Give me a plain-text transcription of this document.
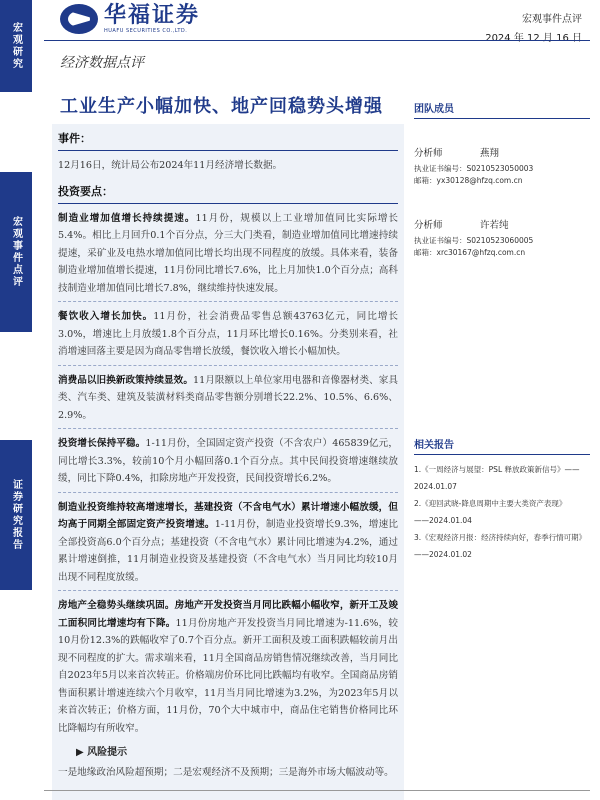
宏观研究
宏观事件点评
证券研究报告
华福证券
HUAFU SECURITIES CO.,LTD.
宏观事件点评
2024 年 12 月 16 日
经济数据点评
工业生产小幅加快、地产回稳势头增强
事件：

12月16日，统计局公布2024年11月经济增长数据。

投资要点：

制造业增加值增长持续提速。11月份，规模以上工业增加值同比实际增长5.4%。相比上月回升0.1个百分点，分三大门类看，制造业增加值同比增速持续提速，采矿业及电热水增加值同比增长均出现不同程度的放缓。具体来看，装备制造业增加值增长提速，11月份同比增长7.6%，比上月加快1.0个百分点；高科技制造业增加值同比增长7.8%，继续维持快速发展。

餐饮收入增长加快。11月份，社会消费品零售总额43763亿元，同比增长3.0%，增速比上月放缓1.8个百分点，11月环比增长0.16%。分类别来看，社消增速回落主要是因为商品零售增长放缓，餐饮收入增长小幅加快。

消费品以旧换新政策持续显效。11月限额以上单位家用电器和音像器材类、家具类、汽车类、建筑及装潢材料类商品零售额分别增长22.2%、10.5%、6.6%、2.9%。

投资增长保持平稳。1-11月份，全国固定资产投资（不含农户）465839亿元，同比增长3.3%，较前10个月小幅回落0.1个百分点。其中民间投资增速继续放缓，同比下降0.4%，扣除房地产开发投资，民间投资增长6.2%。

制造业投资维持较高增速增长，基建投资（不含电气水）累计增速小幅放缓，但均高于同期全部固定资产投资增速。1-11月份，制造业投资增长9.3%，增速比全部投资高6.0个百分点；基建投资（不含电气水）累计同比增速为4.2%，通过累计增速倒推，11月制造业投资及基建投资（不含电气水）当月同比均较10月出现不同程度放缓。

房地产全稳势头继续巩固。房地产开发投资当月同比跌幅小幅收窄，新开工及竣工面积同比增速均有下降。11月份房地产开发投资当月同比增速为-11.6%，较10月份12.3%的跌幅收窄了0.7个百分点。新开工面积及竣工面积跌幅较前月出现不同程度的扩大。需求端来看，11月全国商品房销售情况继续改善，当月同比自2023年5月以来首次转正。价格端房价环比同比跌幅均有收窄。全国商品房销售面积累计增速连续六个月收窄，11月当月同比增速为3.2%，为2023年5月以来首次转正；价格方面，11月份，70个大中城市中，商品住宅销售价格同比环比降幅均有所收窄。

▶ 风险提示

一是地缘政治风险超预期；二是宏观经济不及预期；三是海外市场大幅波动等。

团队成员
分析师	燕翔
执业证书编号：S0210523050003
邮箱：yx30128@hfzq.com.cn
分析师	许若纯
执业证书编号：S0210523060005
邮箱：xrc30167@hfzq.com.cn
相关报告
1.《一周经济与展望：PSL 释放政策新信号》——
2024.01.07
2.《迎回武晓-降息周期中主要大类资产表现》
——2024.01.04
3.《宏观经济月报：经济持续向好，春季行情可期》
——2024.01.02
